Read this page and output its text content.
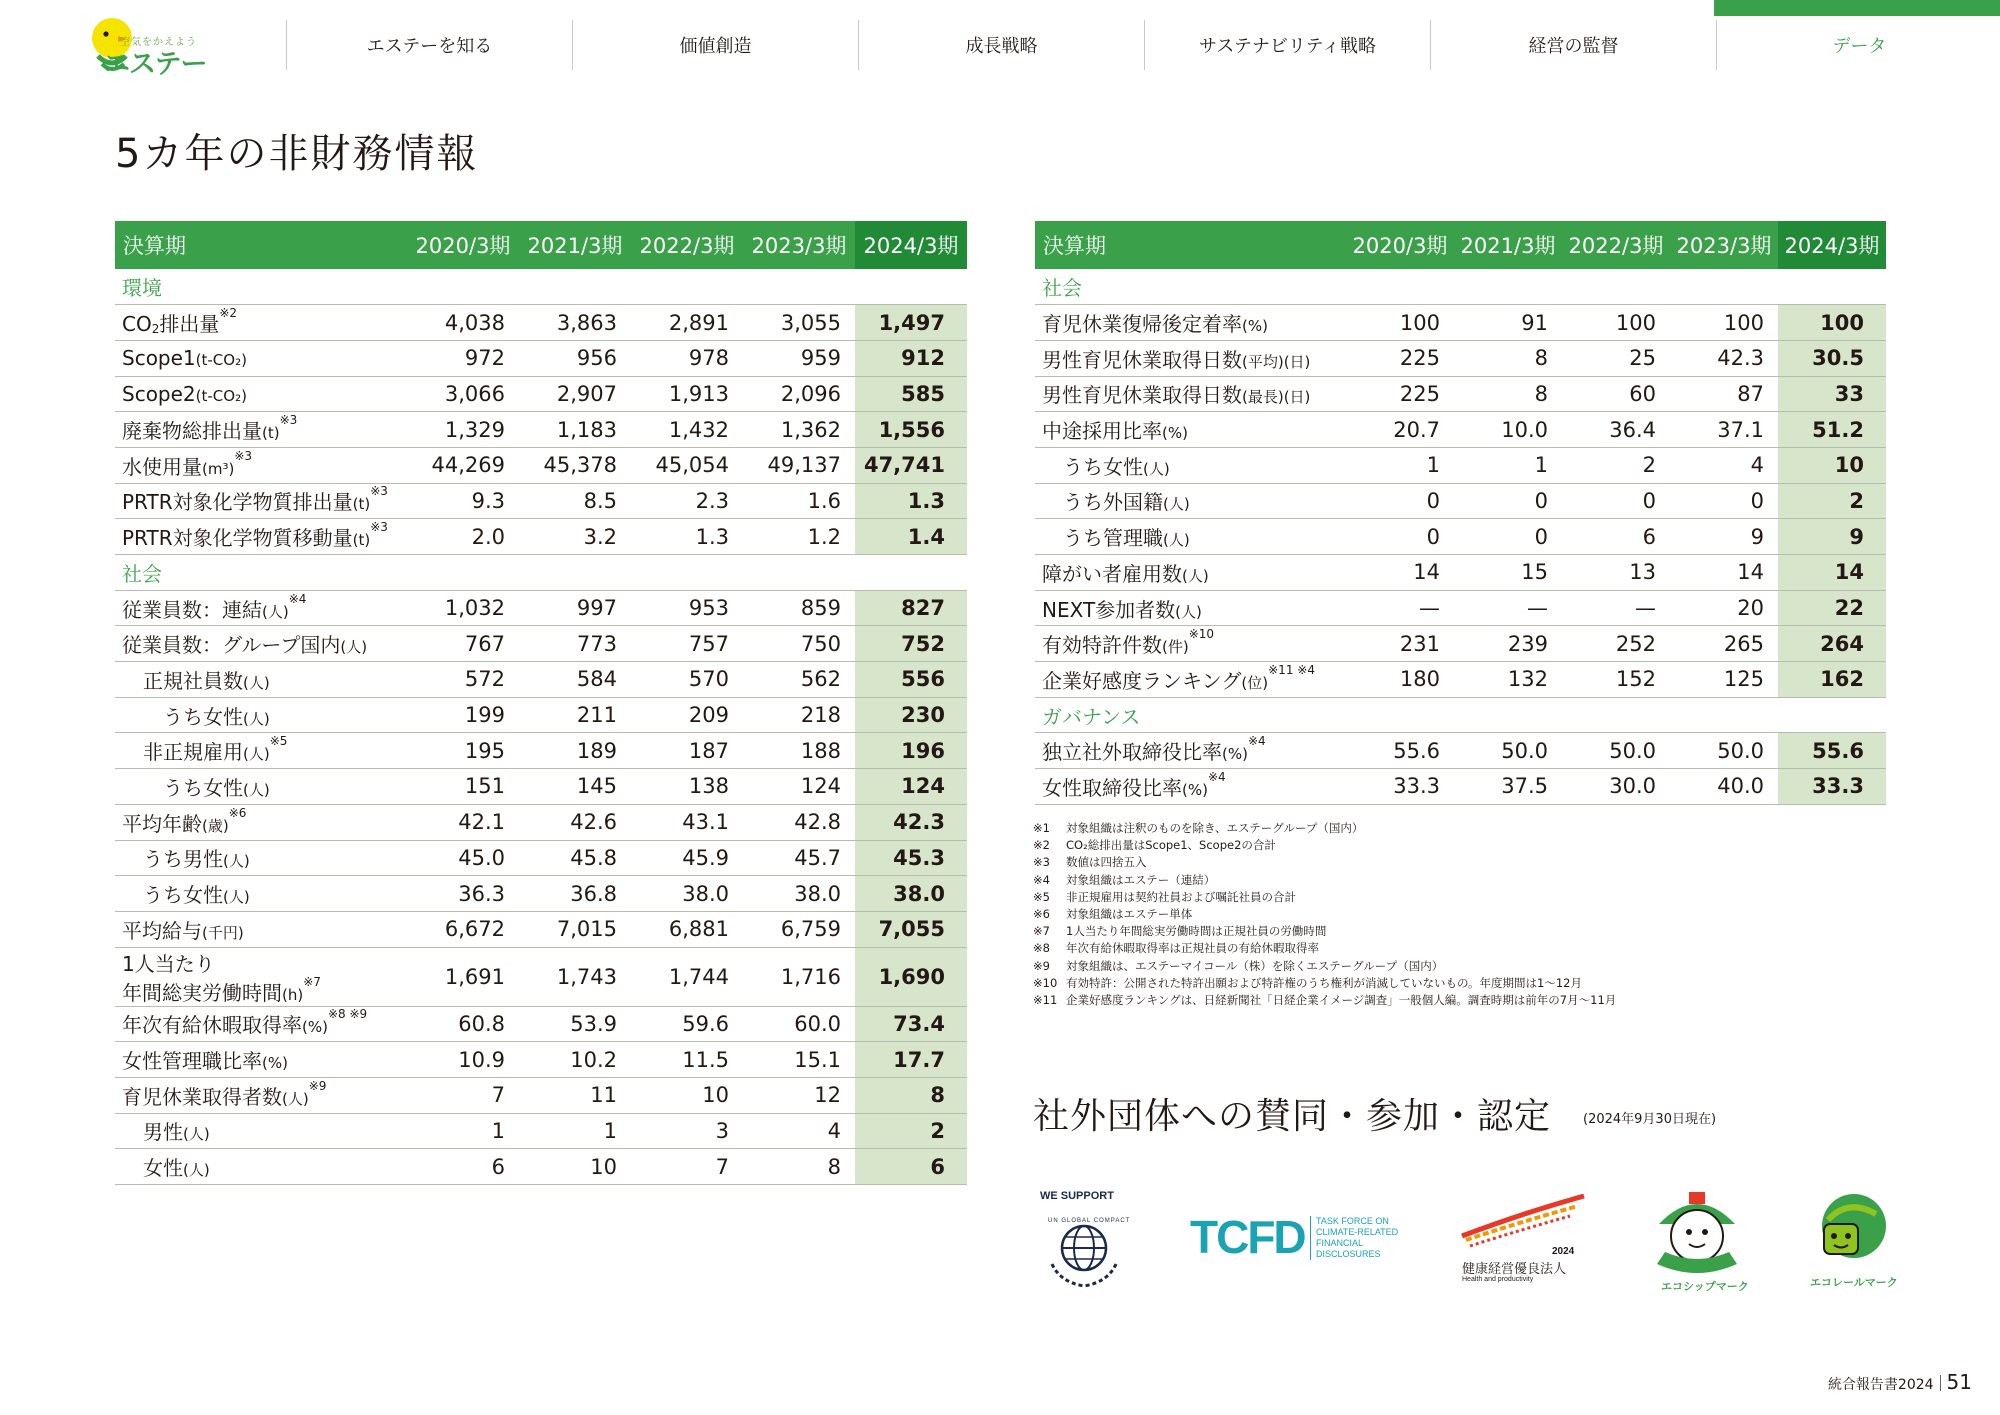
空気をかえよう
エステー
エステーを知る	価値創造	成長戦略	サステナビリティ戦略	経営の監督	データ
5カ年の非財務情報
決算期	2020/3期	2021/3期	2022/3期	2023/3期	2024/3期
環境					
CO2排出量$^{※2}$	4,038	3,863	2,891	3,055	1,497
Scope1(t-CO₂)	972	956	978	959	912
Scope2(t-CO₂)	3,066	2,907	1,913	2,096	585
廃棄物総排出量(t)$^{※3}$	1,329	1,183	1,432	1,362	1,556
水使用量(m³)$^{※3}$	44,269	45,378	45,054	49,137	47,741
PRTR対象化学物質排出量(t)$^{※3}$	9.3	8.5	2.3	1.6	1.3
PRTR対象化学物質移動量(t)$^{※3}$	2.0	3.2	1.3	1.2	1.4
社会					
従業員数：連結(人)$^{※4}$	1,032	997	953	859	827
従業員数：グループ国内(人)	767	773	757	750	752
正規社員数(人)	572	584	570	562	556
うち女性(人)	199	211	209	218	230
非正規雇用(人)$^{※5}$	195	189	187	188	196
うち女性(人)	151	145	138	124	124
平均年齢(歳)$^{※6}$	42.1	42.6	43.1	42.8	42.3
うち男性(人)	45.0	45.8	45.9	45.7	45.3
うち女性(人)	36.3	36.8	38.0	38.0	38.0
平均給与(千円)	6,672	7,015	6,881	6,759	7,055
1人当たり
年間総実労働時間(h)$^{※7}$	1,691	1,743	1,744	1,716	1,690
年次有給休暇取得率(%)$^{※8 ※9}$	60.8	53.9	59.6	60.0	73.4
女性管理職比率(%)	10.9	10.2	11.5	15.1	17.7
育児休業取得者数(人)$^{※9}$	7	11	10	12	8
男性(人)	1	1	3	4	2
女性(人)	6	10	7	8	6
決算期	2020/3期	2021/3期	2022/3期	2023/3期	2024/3期
社会					
育児休業復帰後定着率(%)	100	91	100	100	100
男性育児休業取得日数(平均)(日)	225	8	25	42.3	30.5
男性育児休業取得日数(最長)(日)	225	8	60	87	33
中途採用比率(%)	20.7	10.0	36.4	37.1	51.2
うち女性(人)	1	1	2	4	10
うち外国籍(人)	0	0	0	0	2
うち管理職(人)	0	0	6	9	9
障がい者雇用数(人)	14	15	13	14	14
NEXT参加者数(人)	—	—	—	20	22
有効特許件数(件)$^{※10}$	231	239	252	265	264
企業好感度ランキング(位)$^{※11 ※4}$	180	132	152	125	162
ガバナンス					
独立社外取締役比率(%)$^{※4}$	55.6	50.0	50.0	50.0	55.6
女性取締役比率(%)$^{※4}$	33.3	37.5	30.0	40.0	33.3
※1 対象組織は注釈のものを除き、エステーグループ（国内）
※2 CO₂総排出量はScope1、Scope2の合計
※3 数値は四捨五入
※4 対象組織はエステー（連結）
※5 非正規雇用は契約社員および嘱託社員の合計
※6 対象組織はエステー単体
※7 1人当たり年間総実労働時間は正規社員の労働時間
※8 年次有給休暇取得率は正規社員の有給休暇取得率
※9 対象組織は、エステーマイコール（株）を除くエステーグループ（国内）
※10 有効特許：公開された特許出願および特許権のうち権利が消滅していないもの。年度期間は1～12月
※11 企業好感度ランキングは、日経新聞社「日経企業イメージ調査」一般個人編。調査時期は前年の7月～11月
社外団体への賛同・参加・認定 (2024年9月30日現在)
WE SUPPORT
UN GLOBAL COMPACT TCFD TASK FORCE ON
CLIMATE-RELATED
FINANCIAL
DISCLOSURES	2024
健康経営優良法人
Health and productivity
エコシップマーク	エコレールマーク
統合報告書2024 51
